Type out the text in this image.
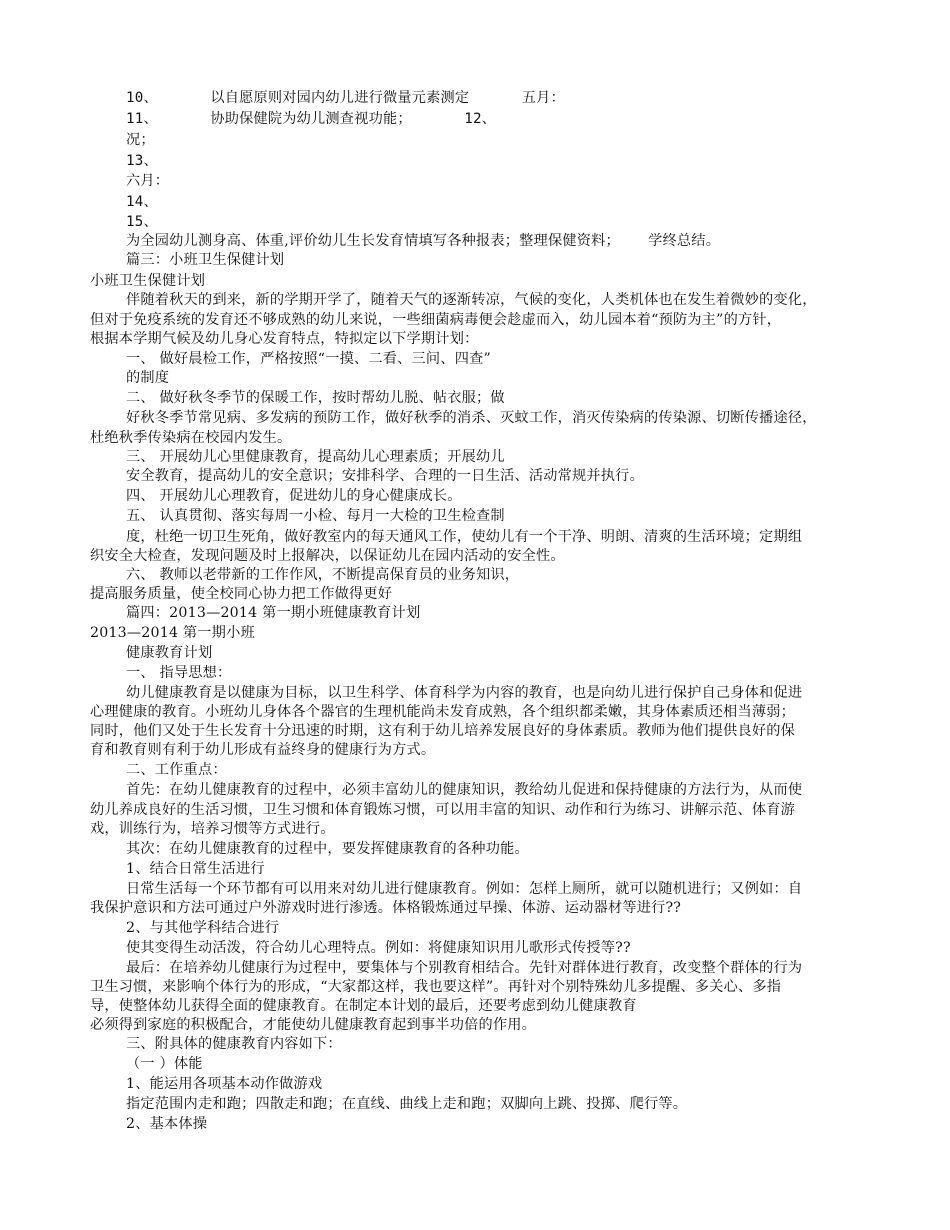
10、      以自愿原则对园内幼儿进行微量元素测定      五月：
11、      协助保健院为幼儿测查视功能；      12、
况；
13、
六月：
14、
15、
为全园幼儿测身高、体重,评价幼儿生长发育情填写各种报表；整理保健资料；      学终总结。
篇三：小班卫生保健计划
小班卫生保健计划
伴随着秋天的到来，新的学期开学了，随着天气的逐渐转凉，气候的变化，人类机体也在发生着微妙的变化，
但对于免疫系统的发育还不够成熟的幼儿来说，一些细菌病毒便会趁虚而入，幼儿园本着“预防为主”的方针，
根据本学期气候及幼儿身心发育特点，特拟定以下学期计划：
一、 做好晨检工作，严格按照“一摸、二看、三问、四查”
的制度
二、 做好秋冬季节的保暖工作，按时帮幼儿脱、帖衣服；做
好秋冬季节常见病、多发病的预防工作，做好秋季的消杀、灭蚊工作，消灭传染病的传染源、切断传播途径，
杜绝秋季传染病在校园内发生。
三、 开展幼儿心里健康教育，提高幼儿心理素质；开展幼儿
安全教育，提高幼儿的安全意识；安排科学、合理的一日生活、活动常规并执行。
四、 开展幼儿心理教育，促进幼儿的身心健康成长。
五、 认真贯彻、落实每周一小检、每月一大检的卫生检查制
度，杜绝一切卫生死角，做好教室内的每天通风工作，使幼儿有一个干净、明朗、清爽的生活环境；定期组
织安全大检查，发现问题及时上报解决，以保证幼儿在园内活动的安全性。
六、 教师以老带新的工作作风，不断提高保育员的业务知识，
提高服务质量，使全校同心协力把工作做得更好
篇四：2013—2014 第一期小班健康教育计划
2013—2014 第一期小班
健康教育计划
一、 指导思想：
幼儿健康教育是以健康为目标，以卫生科学、体育科学为内容的教育，也是向幼儿进行保护自己身体和促进
心理健康的教育。小班幼儿身体各个器官的生理机能尚未发育成熟，各个组织都柔嫩，其身体素质还相当薄弱；
同时，他们又处于生长发育十分迅速的时期，这有利于幼儿培养发展良好的身体素质。教师为他们提供良好的保
育和教育则有利于幼儿形成有益终身的健康行为方式。
二、工作重点：
首先：在幼儿健康教育的过程中，必须丰富幼儿的健康知识，教给幼儿促进和保持健康的方法行为，从而使
幼儿养成良好的生活习惯，卫生习惯和体育锻炼习惯，可以用丰富的知识、动作和行为练习、讲解示范、体育游
戏，训练行为，培养习惯等方式进行。
其次：在幼儿健康教育的过程中，要发挥健康教育的各种功能。
1、结合日常生活进行
日常生活每一个环节都有可以用来对幼儿进行健康教育。例如：怎样上厕所，就可以随机进行；又例如：自
我保护意识和方法可通过户外游戏时进行渗透。体格锻炼通过早操、体游、运动器材等进行??
2、与其他学科结合进行
使其变得生动活泼，符合幼儿心理特点。例如：将健康知识用儿歌形式传授等??
最后：在培养幼儿健康行为过程中，要集体与个别教育相结合。先针对群体进行教育，改变整个群体的行为
卫生习惯，来影响个体行为的形成，“大家都这样，我也要这样”。再针对个别特殊幼儿多提醒、多关心、多指
导，使整体幼儿获得全面的健康教育。在制定本计划的最后，还要考虑到幼儿健康教育
必须得到家庭的积极配合，才能使幼儿健康教育起到事半功倍的作用。
三、附具体的健康教育内容如下：
（一 ）体能
1、能运用各项基本动作做游戏
指定范围内走和跑；四散走和跑；在直线、曲线上走和跑；双脚向上跳、投掷、爬行等。
2、基本体操
